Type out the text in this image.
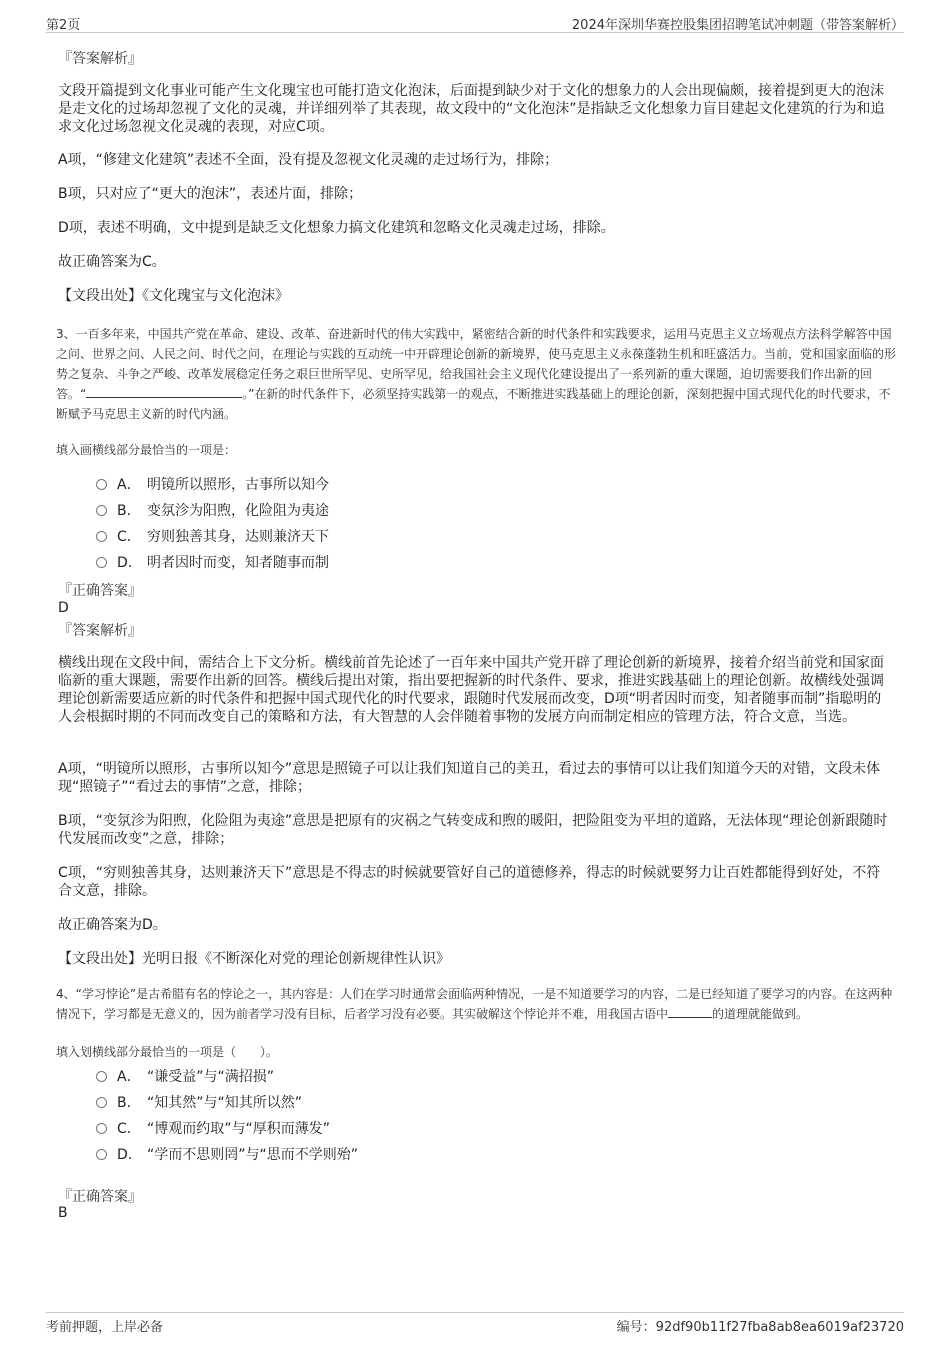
第2页	2024年深圳华赛控股集团招聘笔试冲刺题（带答案解析）
『答案解析』
文段开篇提到文化事业可能产生文化瑰宝也可能打造文化泡沫，后面提到缺少对于文化的想象力的人会出现偏颇，接着提到更大的泡沫是走文化的过场却忽视了文化的灵魂，并详细列举了其表现，故文段中的“文化泡沫”是指缺乏文化想象力盲目建起文化建筑的行为和追求文化过场忽视文化灵魂的表现，对应C项。
A项，“修建文化建筑”表述不全面，没有提及忽视文化灵魂的走过场行为，排除；
B项，只对应了“更大的泡沫”，表述片面，排除；
D项，表述不明确，文中提到是缺乏文化想象力搞文化建筑和忽略文化灵魂走过场，排除。
故正确答案为C。
【文段出处】《文化瑰宝与文化泡沫》
3、一百多年来，中国共产党在革命、建设、改革、奋进新时代的伟大实践中，紧密结合新的时代条件和实践要求，运用马克思主义立场观点方法科学解答中国之问、世界之问、人民之问、时代之问，在理论与实践的互动统一中开辟理论创新的新境界，使马克思主义永葆蓬勃生机和旺盛活力。当前，党和国家面临的形势之复杂、斗争之严峻、改革发展稳定任务之艰巨世所罕见、史所罕见，给我国社会主义现代化建设提出了一系列新的重大课题，迫切需要我们作出新的回答。“	。”在新的时代条件下，必须坚持实践第一的观点，不断推进实践基础上的理论创新，深刻把握中国式现代化的时代要求，不断赋予马克思主义新的时代内涵。
填入画横线部分最恰当的一项是：
A． 明镜所以照形，古事所以知今
B． 变氛沴为阳煦，化险阻为夷途
C． 穷则独善其身，达则兼济天下
D． 明者因时而变，知者随事而制
『正确答案』
D
『答案解析』
横线出现在文段中间，需结合上下文分析。横线前首先论述了一百年来中国共产党开辟了理论创新的新境界，接着介绍当前党和国家面临新的重大课题，需要作出新的回答。横线后提出对策，指出要把握新的时代条件、要求，推进实践基础上的理论创新。故横线处强调理论创新需要适应新的时代条件和把握中国式现代化的时代要求，跟随时代发展而改变，D项“明者因时而变，知者随事而制”指聪明的人会根据时期的不同而改变自己的策略和方法，有大智慧的人会伴随着事物的发展方向而制定相应的管理方法，符合文意，当选。
A项，“明镜所以照形，古事所以知今”意思是照镜子可以让我们知道自己的美丑，看过去的事情可以让我们知道今天的对错，文段未体现“照镜子”“看过去的事情”之意，排除；
B项，“变氛沴为阳煦，化险阻为夷途”意思是把原有的灾祸之气转变成和煦的暖阳，把险阻变为平坦的道路，无法体现“理论创新跟随时代发展而改变”之意，排除；
C项，“穷则独善其身，达则兼济天下”意思是不得志的时候就要管好自己的道德修养，得志的时候就要努力让百姓都能得到好处，不符合文意，排除。
故正确答案为D。
【文段出处】光明日报《不断深化对党的理论创新规律性认识》
4、“学习悖论”是古希腊有名的悖论之一，其内容是：人们在学习时通常会面临两种情况，一是不知道要学习的内容，二是已经知道了要学习的内容。在这两种情况下，学习都是无意义的，因为前者学习没有目标，后者学习没有必要。其实破解这个悖论并不难，用我国古语中	的道理就能做到。
填入划横线部分最恰当的一项是（　　）。
A． “谦受益”与“满招损”
B． “知其然”与“知其所以然”
C． “博观而约取”与“厚积而薄发”
D． “学而不思则罔”与“思而不学则殆”
『正确答案』
B
考前押题，上岸必备	编号：92df90b11f27fba8ab8ea6019af23720
